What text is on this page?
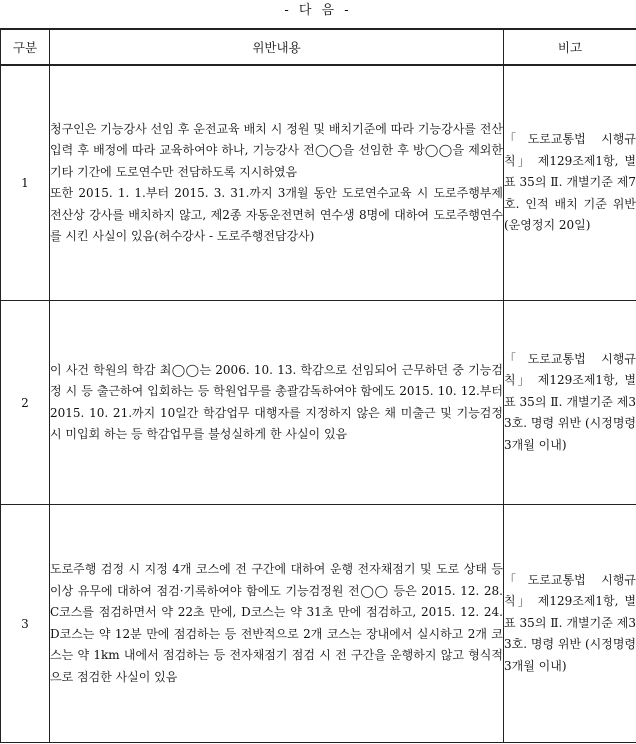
- 다 음 -
구분	위반내용	비고
1	청구인은 기능강사 선임 후 운전교육 배치 시 정원 및 배치기준에 따라 기능강사를 전산입력 후 배정에 따라 교육하여야 하나, 기능강사 전◯◯을 선임한 후 방◯◯을 제외한 기타 기간에 도로연수만 전담하도록 지시하였음
또한 2015. 1. 1.부터 2015. 3. 31.까지 3개월 동안 도로연수교육 시 도로주행부제 전산상 강사를 배치하지 않고, 제2종 자동운전면허 연수생 8명에 대하여 도로주행연수를 시킨 사실이 있음(허수강사 - 도로주행전담강사)	「도로교통법 시행규칙」 제129조제1항, 별표 35의 Ⅱ. 개별기준 제7호. 인적 배치 기준 위반 (운영정지 20일)
2	이 사건 학원의 학감 최◯◯는 2006. 10. 13. 학감으로 선임되어 근무하던 중 기능검정 시 등 출근하여 입회하는 등 학원업무를 총괄감독하여야 함에도 2015. 10. 12.부터 2015. 10. 21.까지 10일간 학감업무 대행자를 지정하지 않은 채 미출근 및 기능검정 시 미입회 하는 등 학감업무를 불성실하게 한 사실이 있음	「도로교통법 시행규칙」 제129조제1항, 별표 35의 Ⅱ. 개별기준 제33호. 명령 위반 (시정명령 3개월 이내)
3	도로주행 검정 시 지정 4개 코스에 전 구간에 대하여 운행 전자채점기 및 도로 상태 등 이상 유무에 대하여 점검·기록하여야 함에도 기능검정원 전◯◯ 등은 2015. 12. 28. C코스를 점검하면서 약 22초 만에, D코스는 약 31초 만에 점검하고, 2015. 12. 24. D코스는 약 12분 만에 점검하는 등 전반적으로 2개 코스는 장내에서 실시하고 2개 코스는 약 1km 내에서 점검하는 등 전자채점기 점검 시 전 구간을 운행하지 않고 형식적으로 점검한 사실이 있음	「도로교통법 시행규칙」 제129조제1항, 별표 35의 Ⅱ. 개별기준 제33호. 명령 위반 (시정명령 3개월 이내)
